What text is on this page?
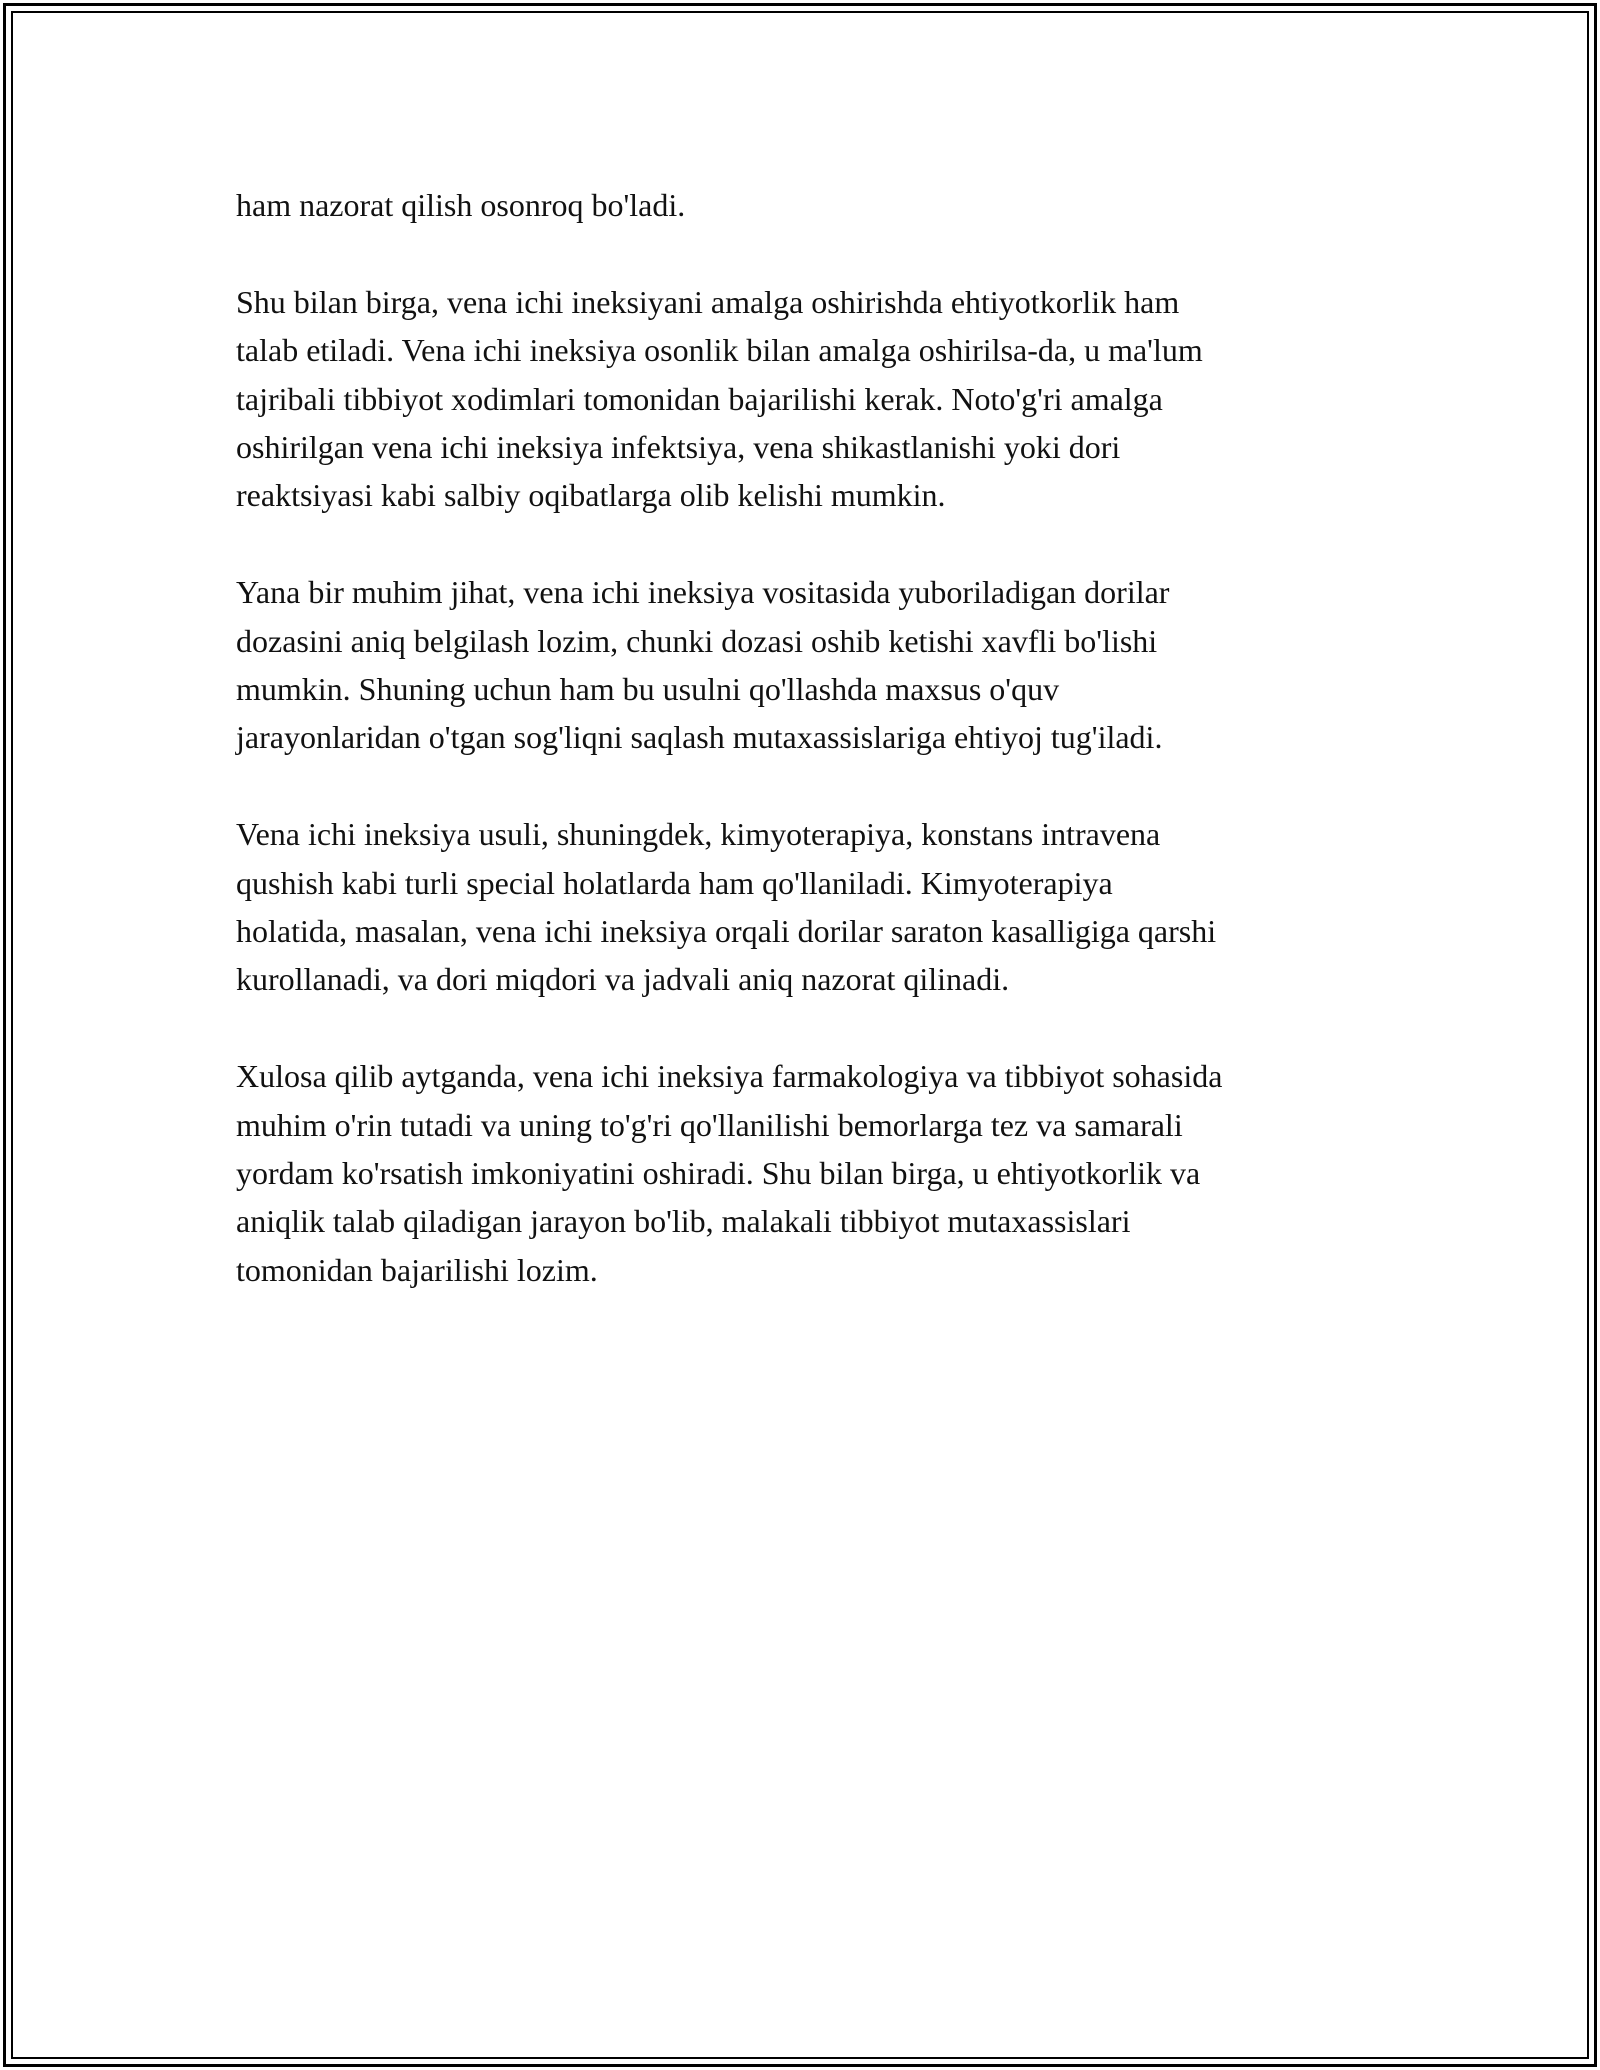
ham nazorat qilish osonroq bo'ladi.

Shu bilan birga, vena ichi ineksiyani amalga oshirishda ehtiyotkorlik ham
talab etiladi. Vena ichi ineksiya osonlik bilan amalga oshirilsa-da, u ma'lum
tajribali tibbiyot xodimlari tomonidan bajarilishi kerak. Noto'g'ri amalga
oshirilgan vena ichi ineksiya infektsiya, vena shikastlanishi yoki dori
reaktsiyasi kabi salbiy oqibatlarga olib kelishi mumkin.

Yana bir muhim jihat, vena ichi ineksiya vositasida yuboriladigan dorilar
dozasini aniq belgilash lozim, chunki dozasi oshib ketishi xavfli bo'lishi
mumkin. Shuning uchun ham bu usulni qo'llashda maxsus o'quv
jarayonlaridan o'tgan sog'liqni saqlash mutaxassislariga ehtiyoj tug'iladi.

Vena ichi ineksiya usuli, shuningdek, kimyoterapiya, konstans intravena
qushish kabi turli special holatlarda ham qo'llaniladi. Kimyoterapiya
holatida, masalan, vena ichi ineksiya orqali dorilar saraton kasalligiga qarshi
kurollanadi, va dori miqdori va jadvali aniq nazorat qilinadi.

Xulosa qilib aytganda, vena ichi ineksiya farmakologiya va tibbiyot sohasida
muhim o'rin tutadi va uning to'g'ri qo'llanilishi bemorlarga tez va samarali
yordam ko'rsatish imkoniyatini oshiradi. Shu bilan birga, u ehtiyotkorlik va
aniqlik talab qiladigan jarayon bo'lib, malakali tibbiyot mutaxassislari
tomonidan bajarilishi lozim.
